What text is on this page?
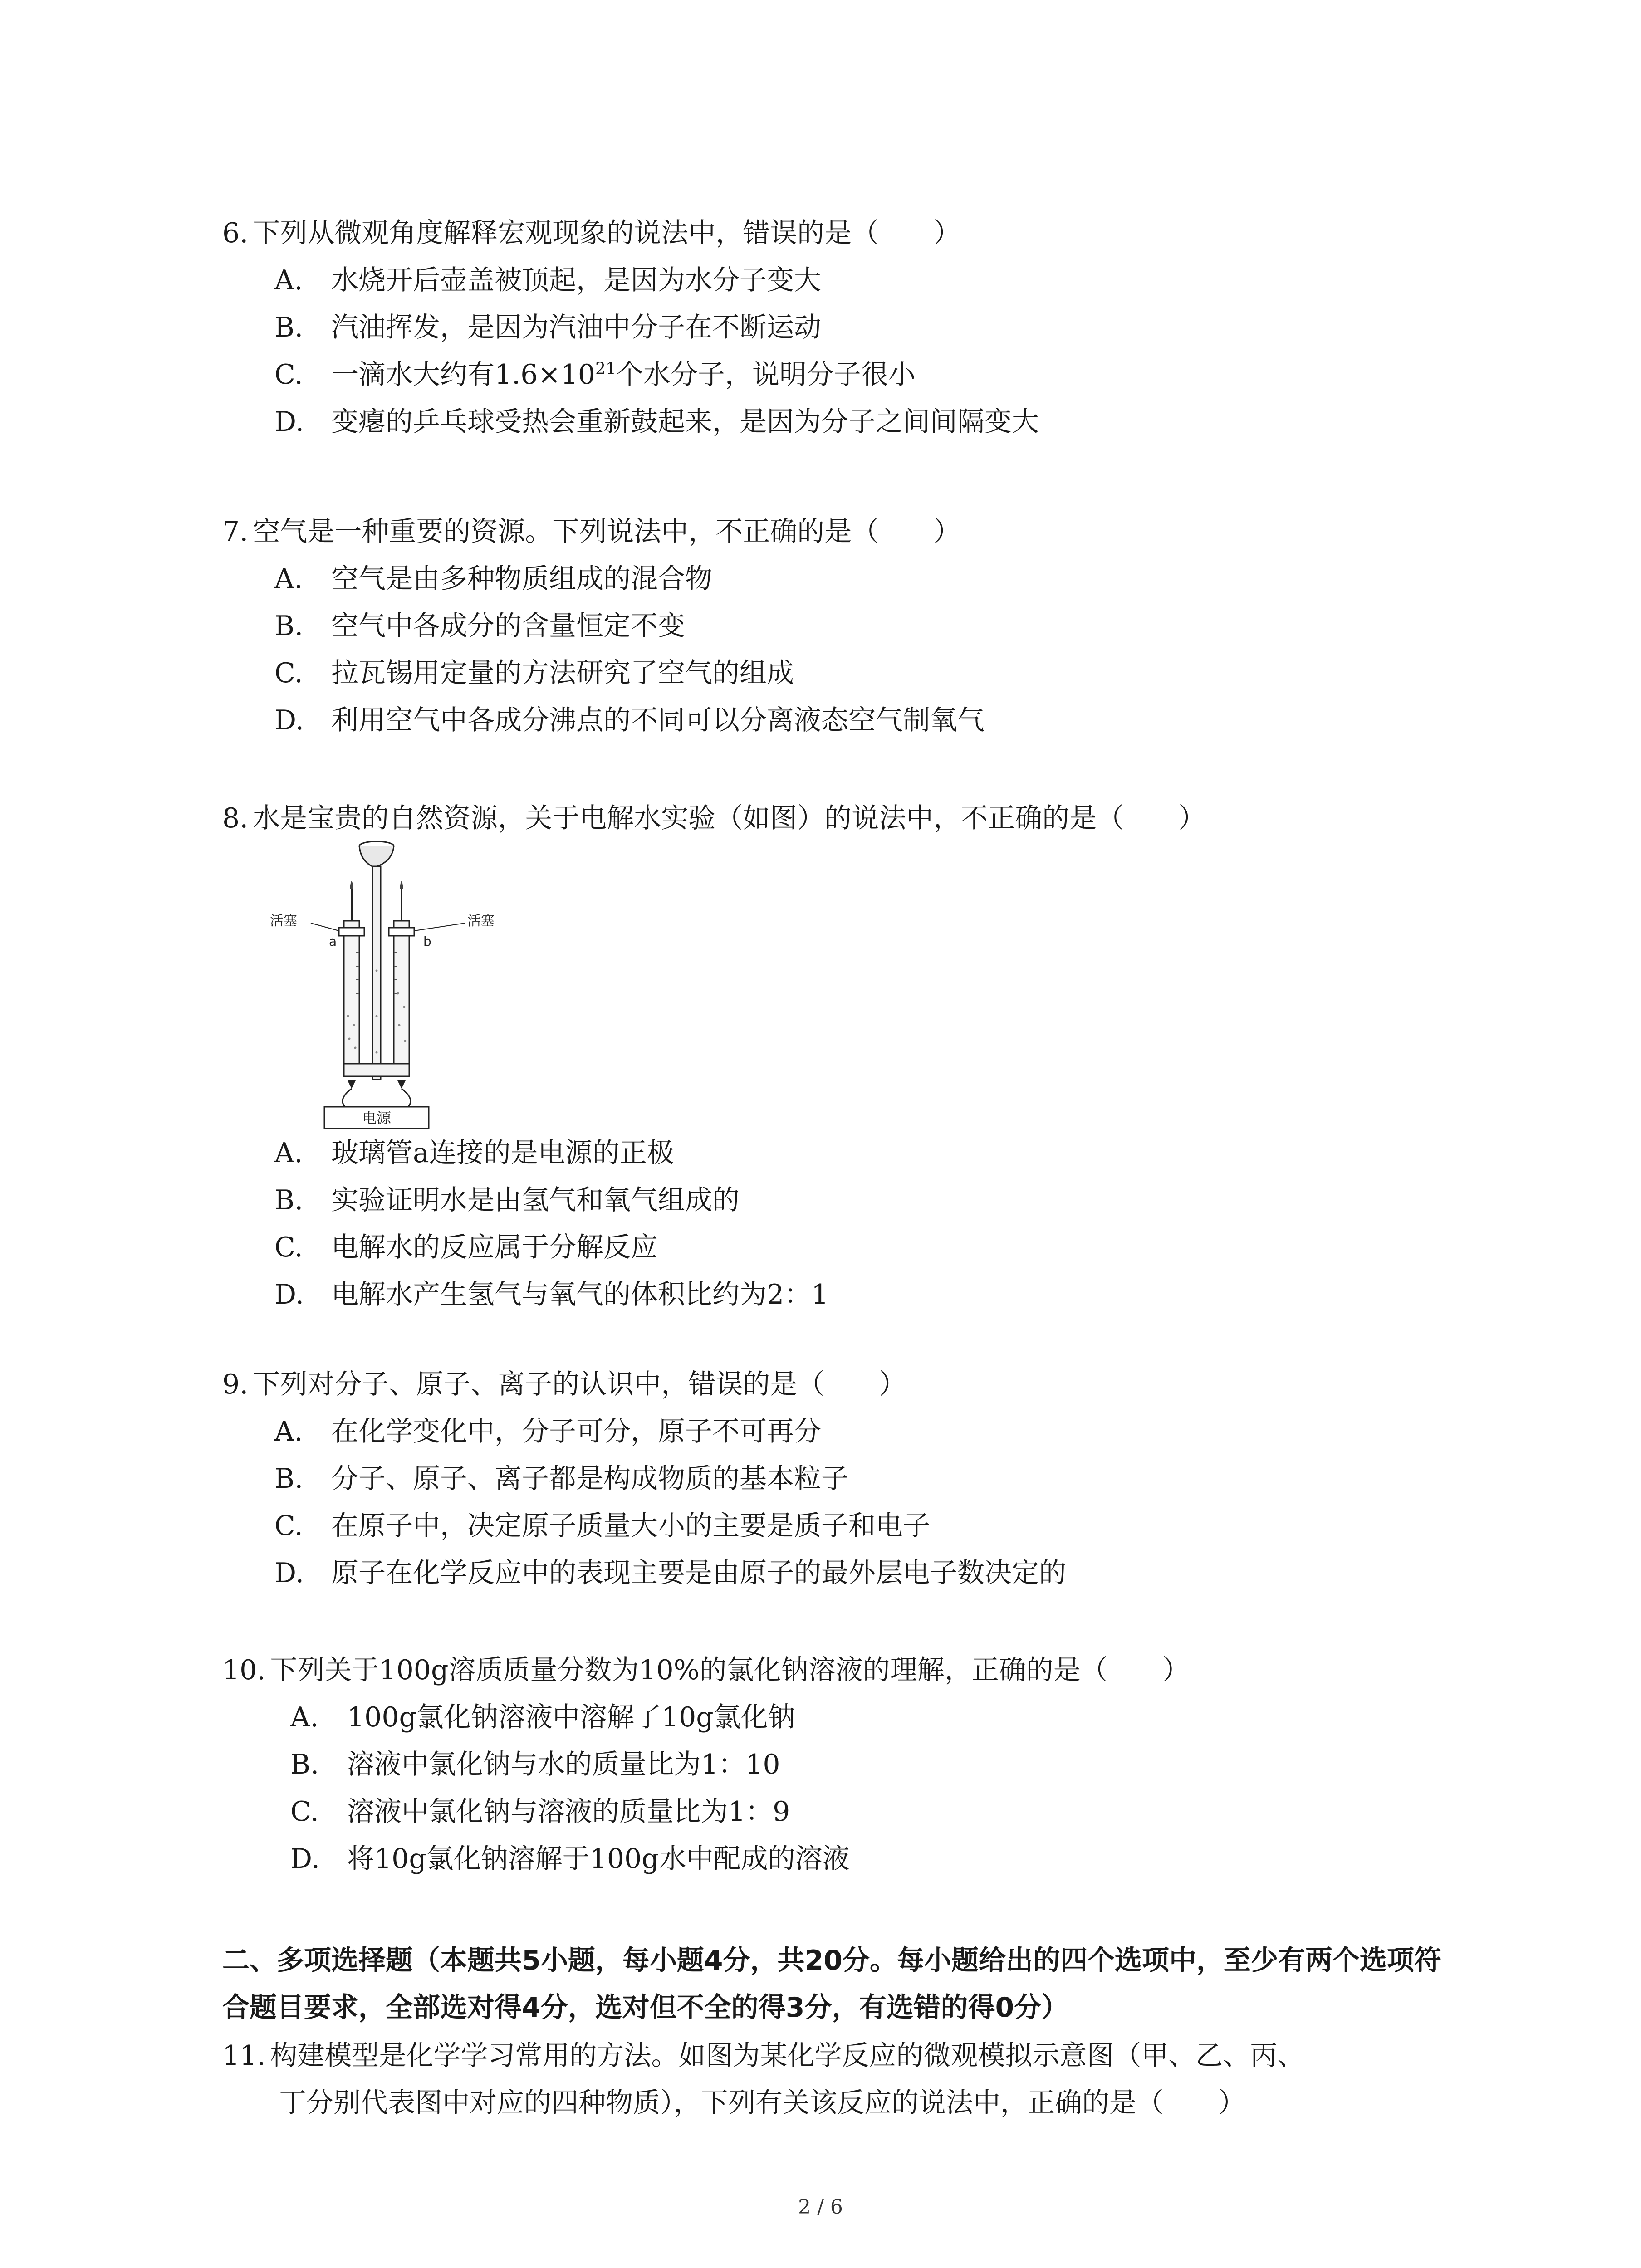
6. 下列从微观角度解释宏观现象的说法中，错误的是（　　）
A. 水烧开后壶盖被顶起，是因为水分子变大
B. 汽油挥发，是因为汽油中分子在不断运动
C. 一滴水大约有$1.6\times 10^{21}$个水分子，说明分子很小
D. 变瘪的乒乓球受热会重新鼓起来，是因为分子之间间隔变大
7. 空气是一种重要的资源。下列说法中，不正确的是（　　）
A. 空气是由多种物质组成的混合物
B. 空气中各成分的含量恒定不变
C. 拉瓦锡用定量的方法研究了空气的组成
D. 利用空气中各成分沸点的不同可以分离液态空气制氧气
8. 水是宝贵的自然资源，关于电解水实验（如图）的说法中，不正确的是（　　）
电源
活塞	活塞
a	b
A. 玻璃管a连接的是电源的正极
B. 实验证明水是由氢气和氧气组成的
C. 电解水的反应属于分解反应
D. 电解水产生氢气与氧气的体积比约为2：1
9. 下列对分子、原子、离子的认识中，错误的是（　　）
A. 在化学变化中，分子可分，原子不可再分
B. 分子、原子、离子都是构成物质的基本粒子
C. 在原子中，决定原子质量大小的主要是质子和电子
D. 原子在化学反应中的表现主要是由原子的最外层电子数决定的
10. 下列关于100g溶质质量分数为10%的氯化钠溶液的理解，正确的是（　　）
A. 100g氯化钠溶液中溶解了10g氯化钠
B. 溶液中氯化钠与水的质量比为1：10
C. 溶液中氯化钠与溶液的质量比为1：9
D. 将10g氯化钠溶解于100g水中配成的溶液
二、多项选择题（本题共5小题，每小题4分，共20分。每小题给出的四个选项中，至少有两个选项符合题目要求，全部选对得4分，选对但不全的得3分，有选错的得0分）
11. 构建模型是化学学习常用的方法。如图为某化学反应的微观模拟示意图（甲、乙、丙、
丁分别代表图中对应的四种物质），下列有关该反应的说法中，正确的是（　　）
2 / 6
